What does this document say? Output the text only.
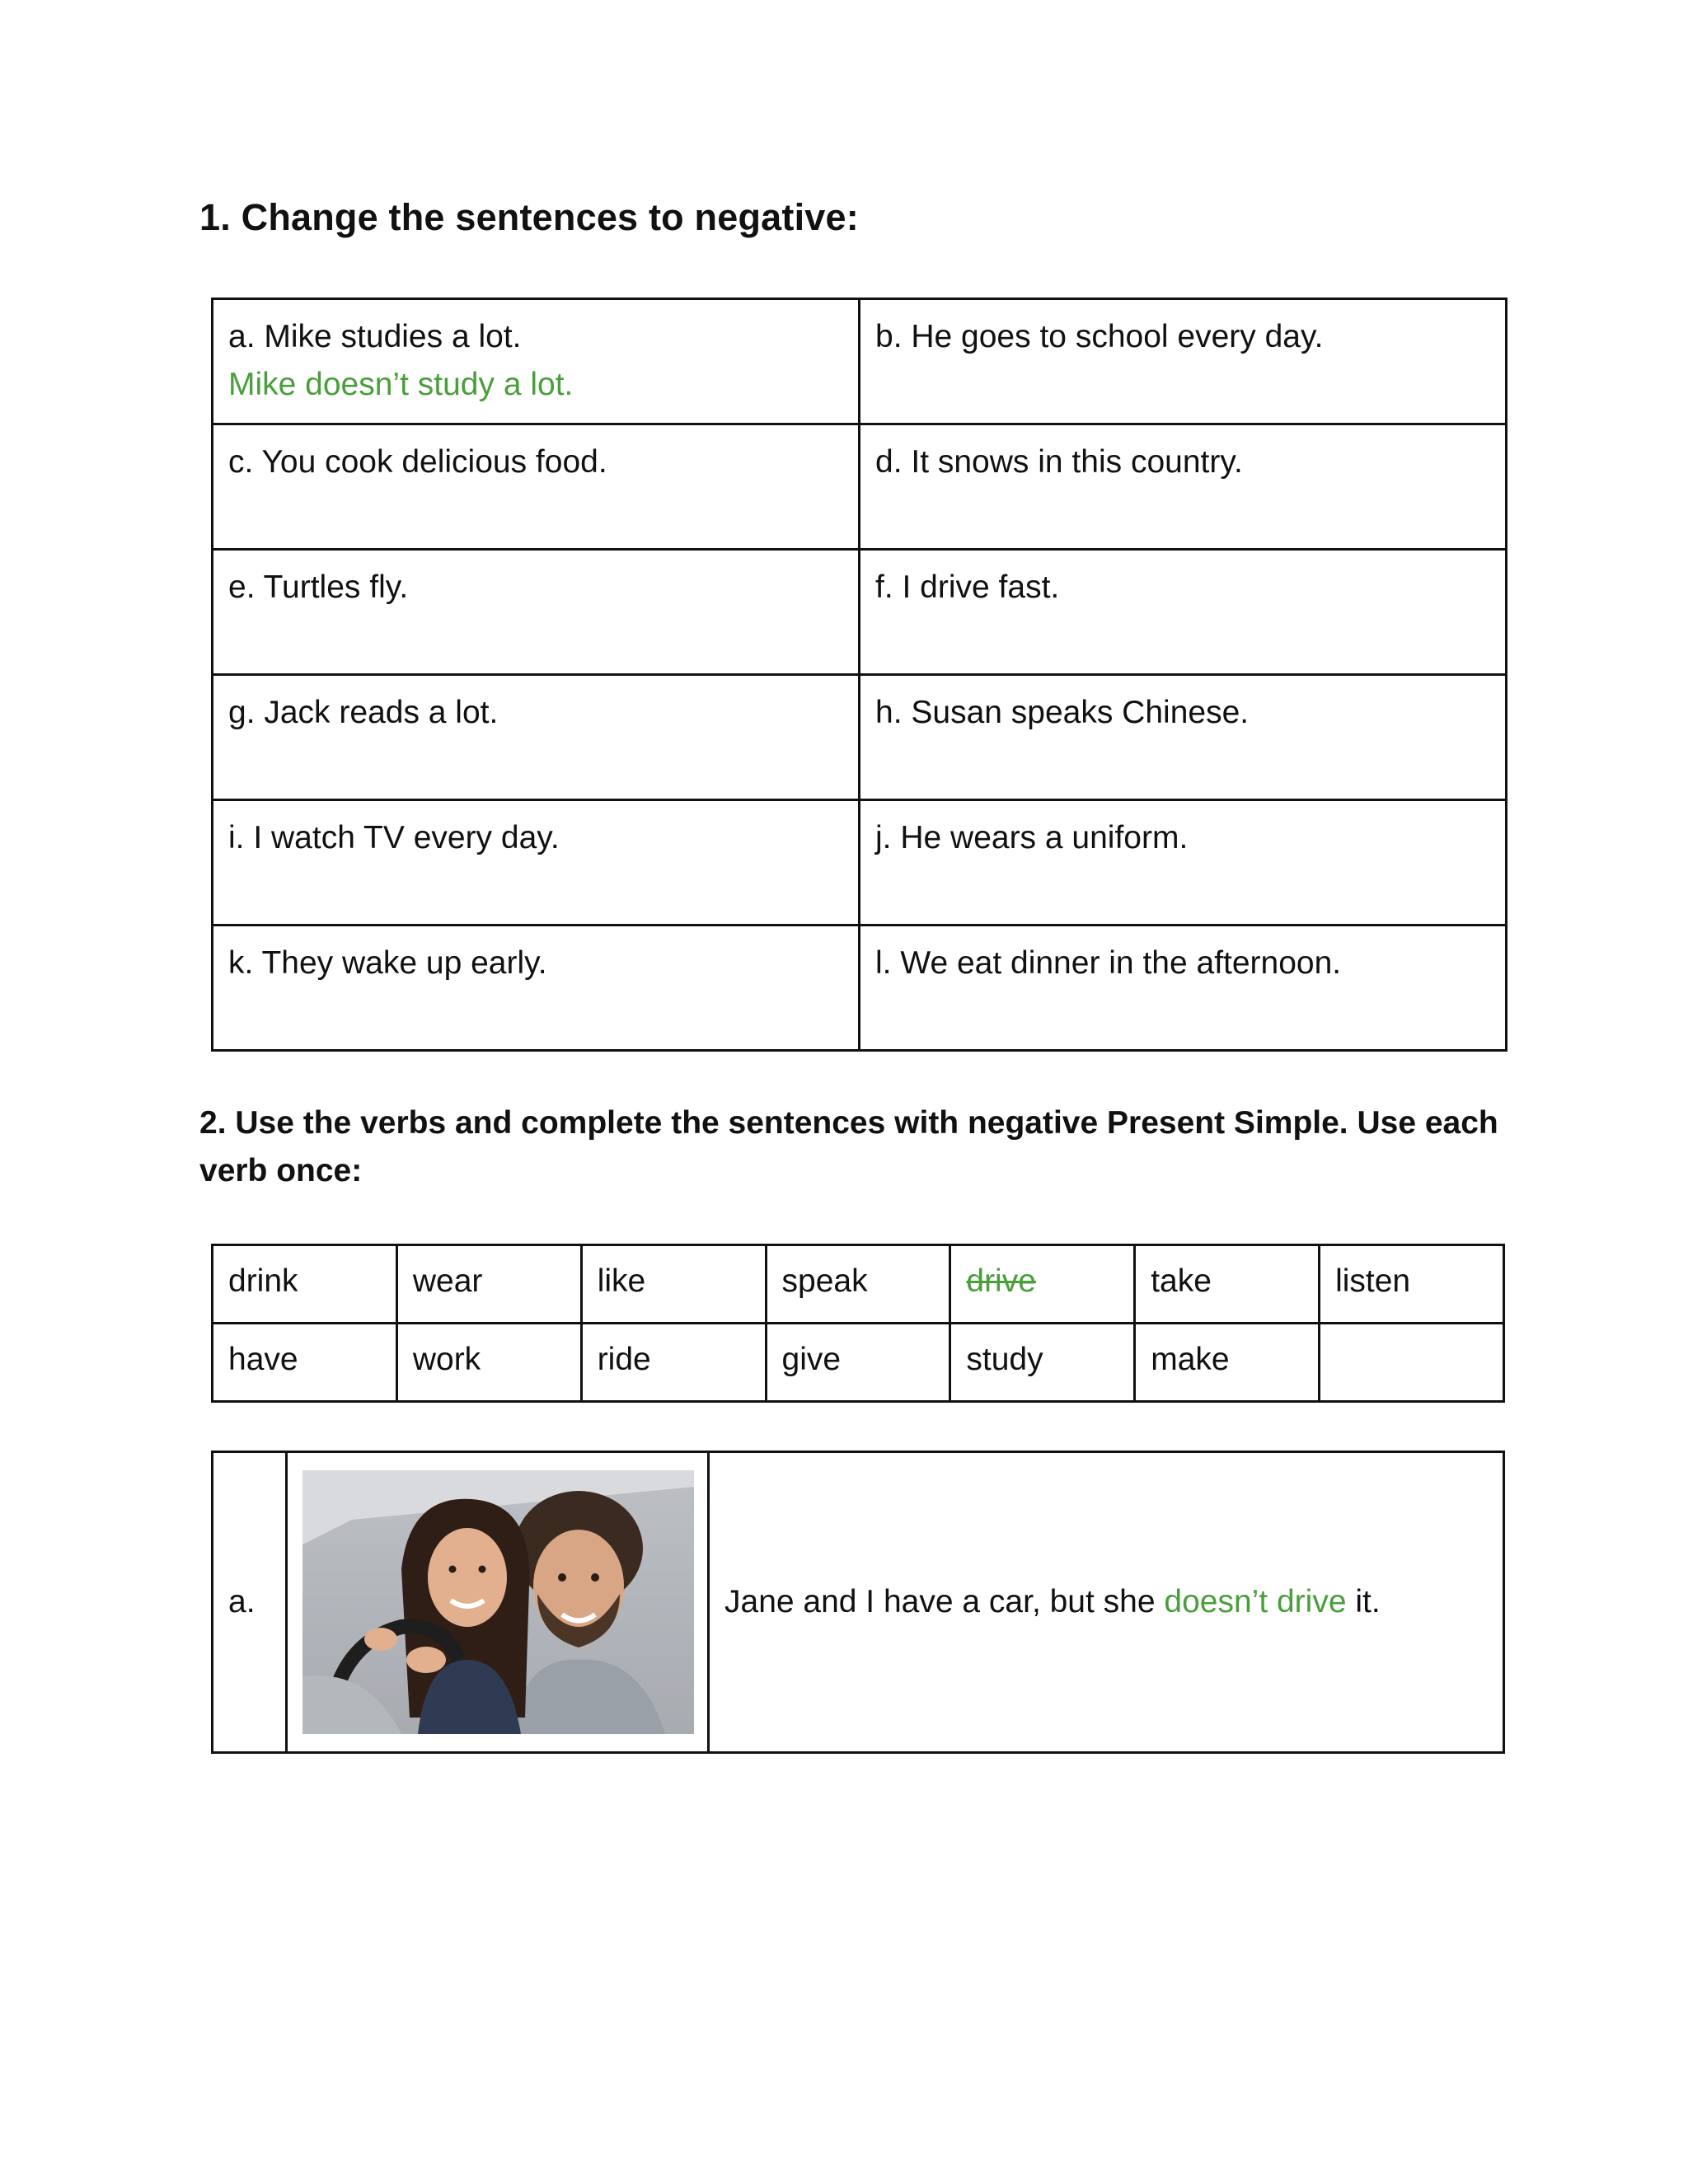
1. Change the sentences to negative:
a. Mike studies a lot.
Mike doesn’t study a lot.	b. He goes to school every day.

c. You cook delicious food.	d. It snows in this country.

e. Turtles fly.	f. I drive fast.

g. Jack reads a lot.	h. Susan speaks Chinese.

i. I watch TV every day.	j. He wears a uniform.

k. They wake up early.	l. We eat dinner in the afternoon.
2. Use the verbs and complete the sentences with negative Present Simple. Use each verb once:
drink	wear	like	speak	drive	take	listen
have	work	ride	give	study	make	
a.		Jane and I have a car, but she doesn’t drive it.
